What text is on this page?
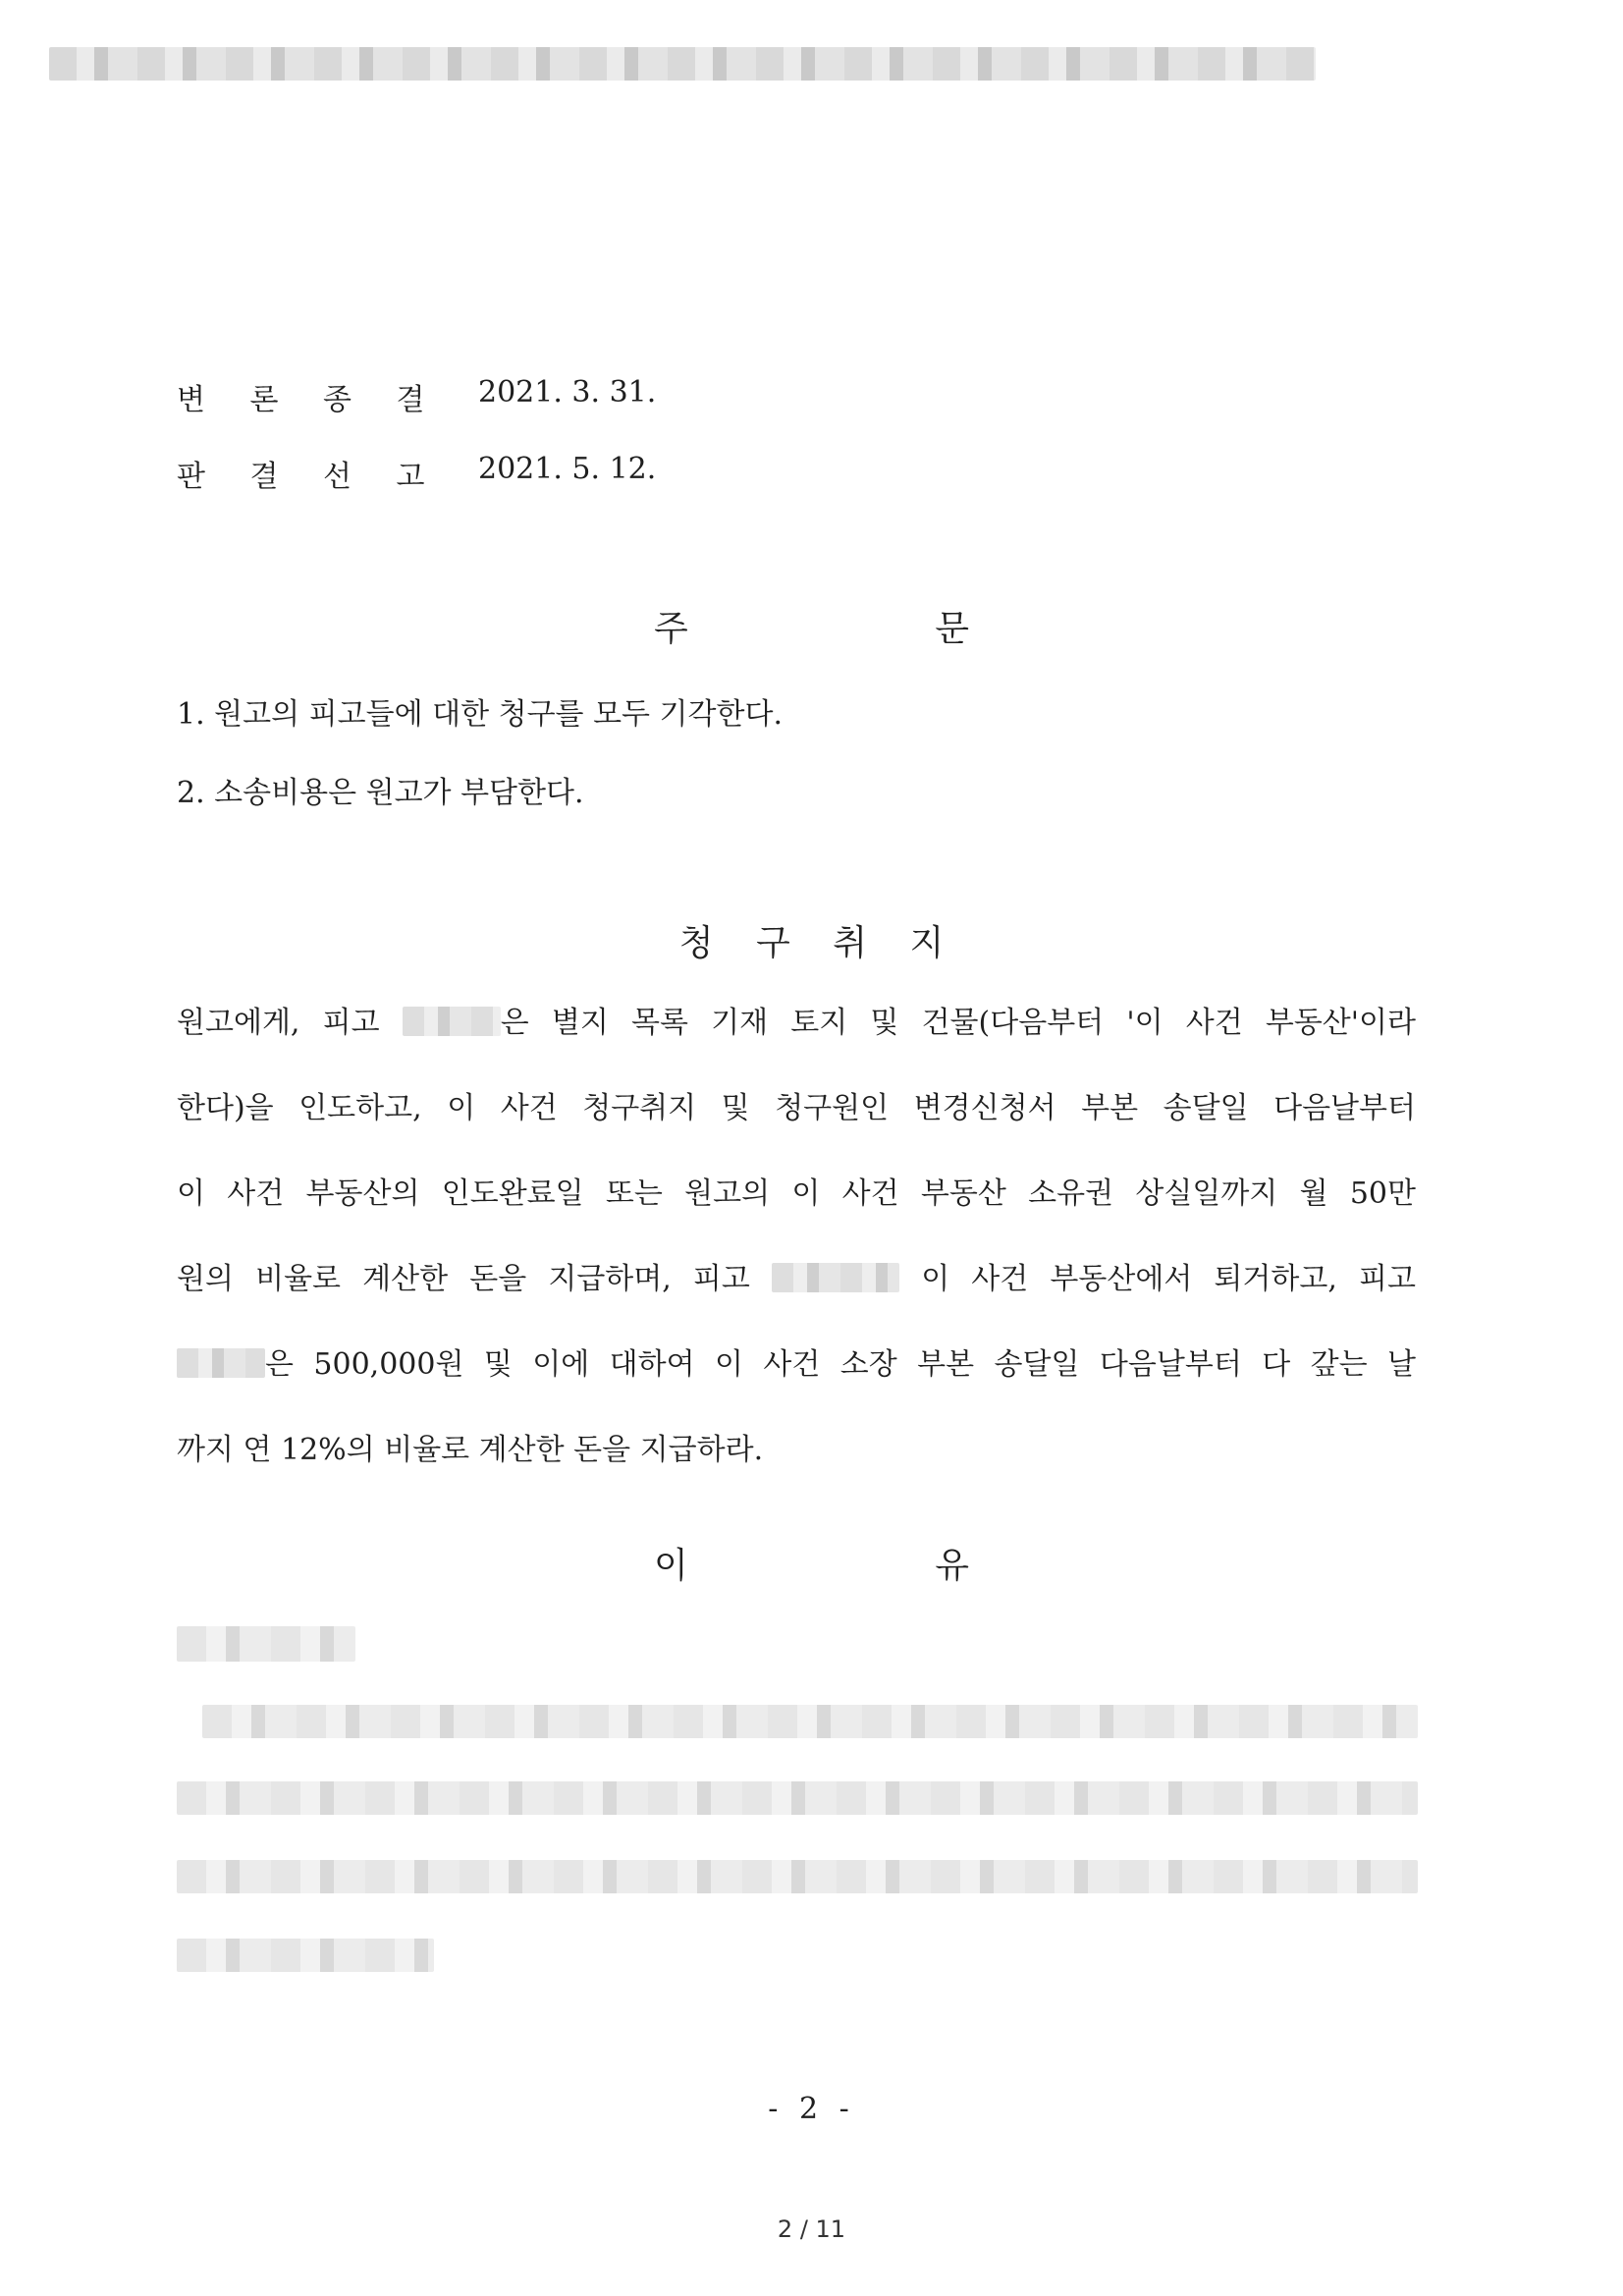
변 론 종 결 2021. 3. 31.
판 결 선 고 2021. 5. 12.
주 문
1. 원고의 피고들에 대한 청구를 모두 기각한다.
2. 소송비용은 원고가 부담한다.
청 구 취 지
원고에게, 피고	은 별지 목록 기재 토지 및 건물(다음부터 '이 사건 부동산'이라
한다)을 인도하고, 이 사건 청구취지 및 청구원인 변경신청서 부본 송달일 다음날부터
이 사건 부동산의 인도완료일 또는 원고의 이 사건 부동산 소유권 상실일까지 월 50만
원의 비율로 계산한 돈을 지급하며, 피고	이 사건 부동산에서 퇴거하고, 피고
은 500,000원 및 이에 대하여 이 사건 소장 부본 송달일 다음날부터 다 갚는 날
까지 연 12%의 비율로 계산한 돈을 지급하라.
이 유
- 2 -
2 / 11
